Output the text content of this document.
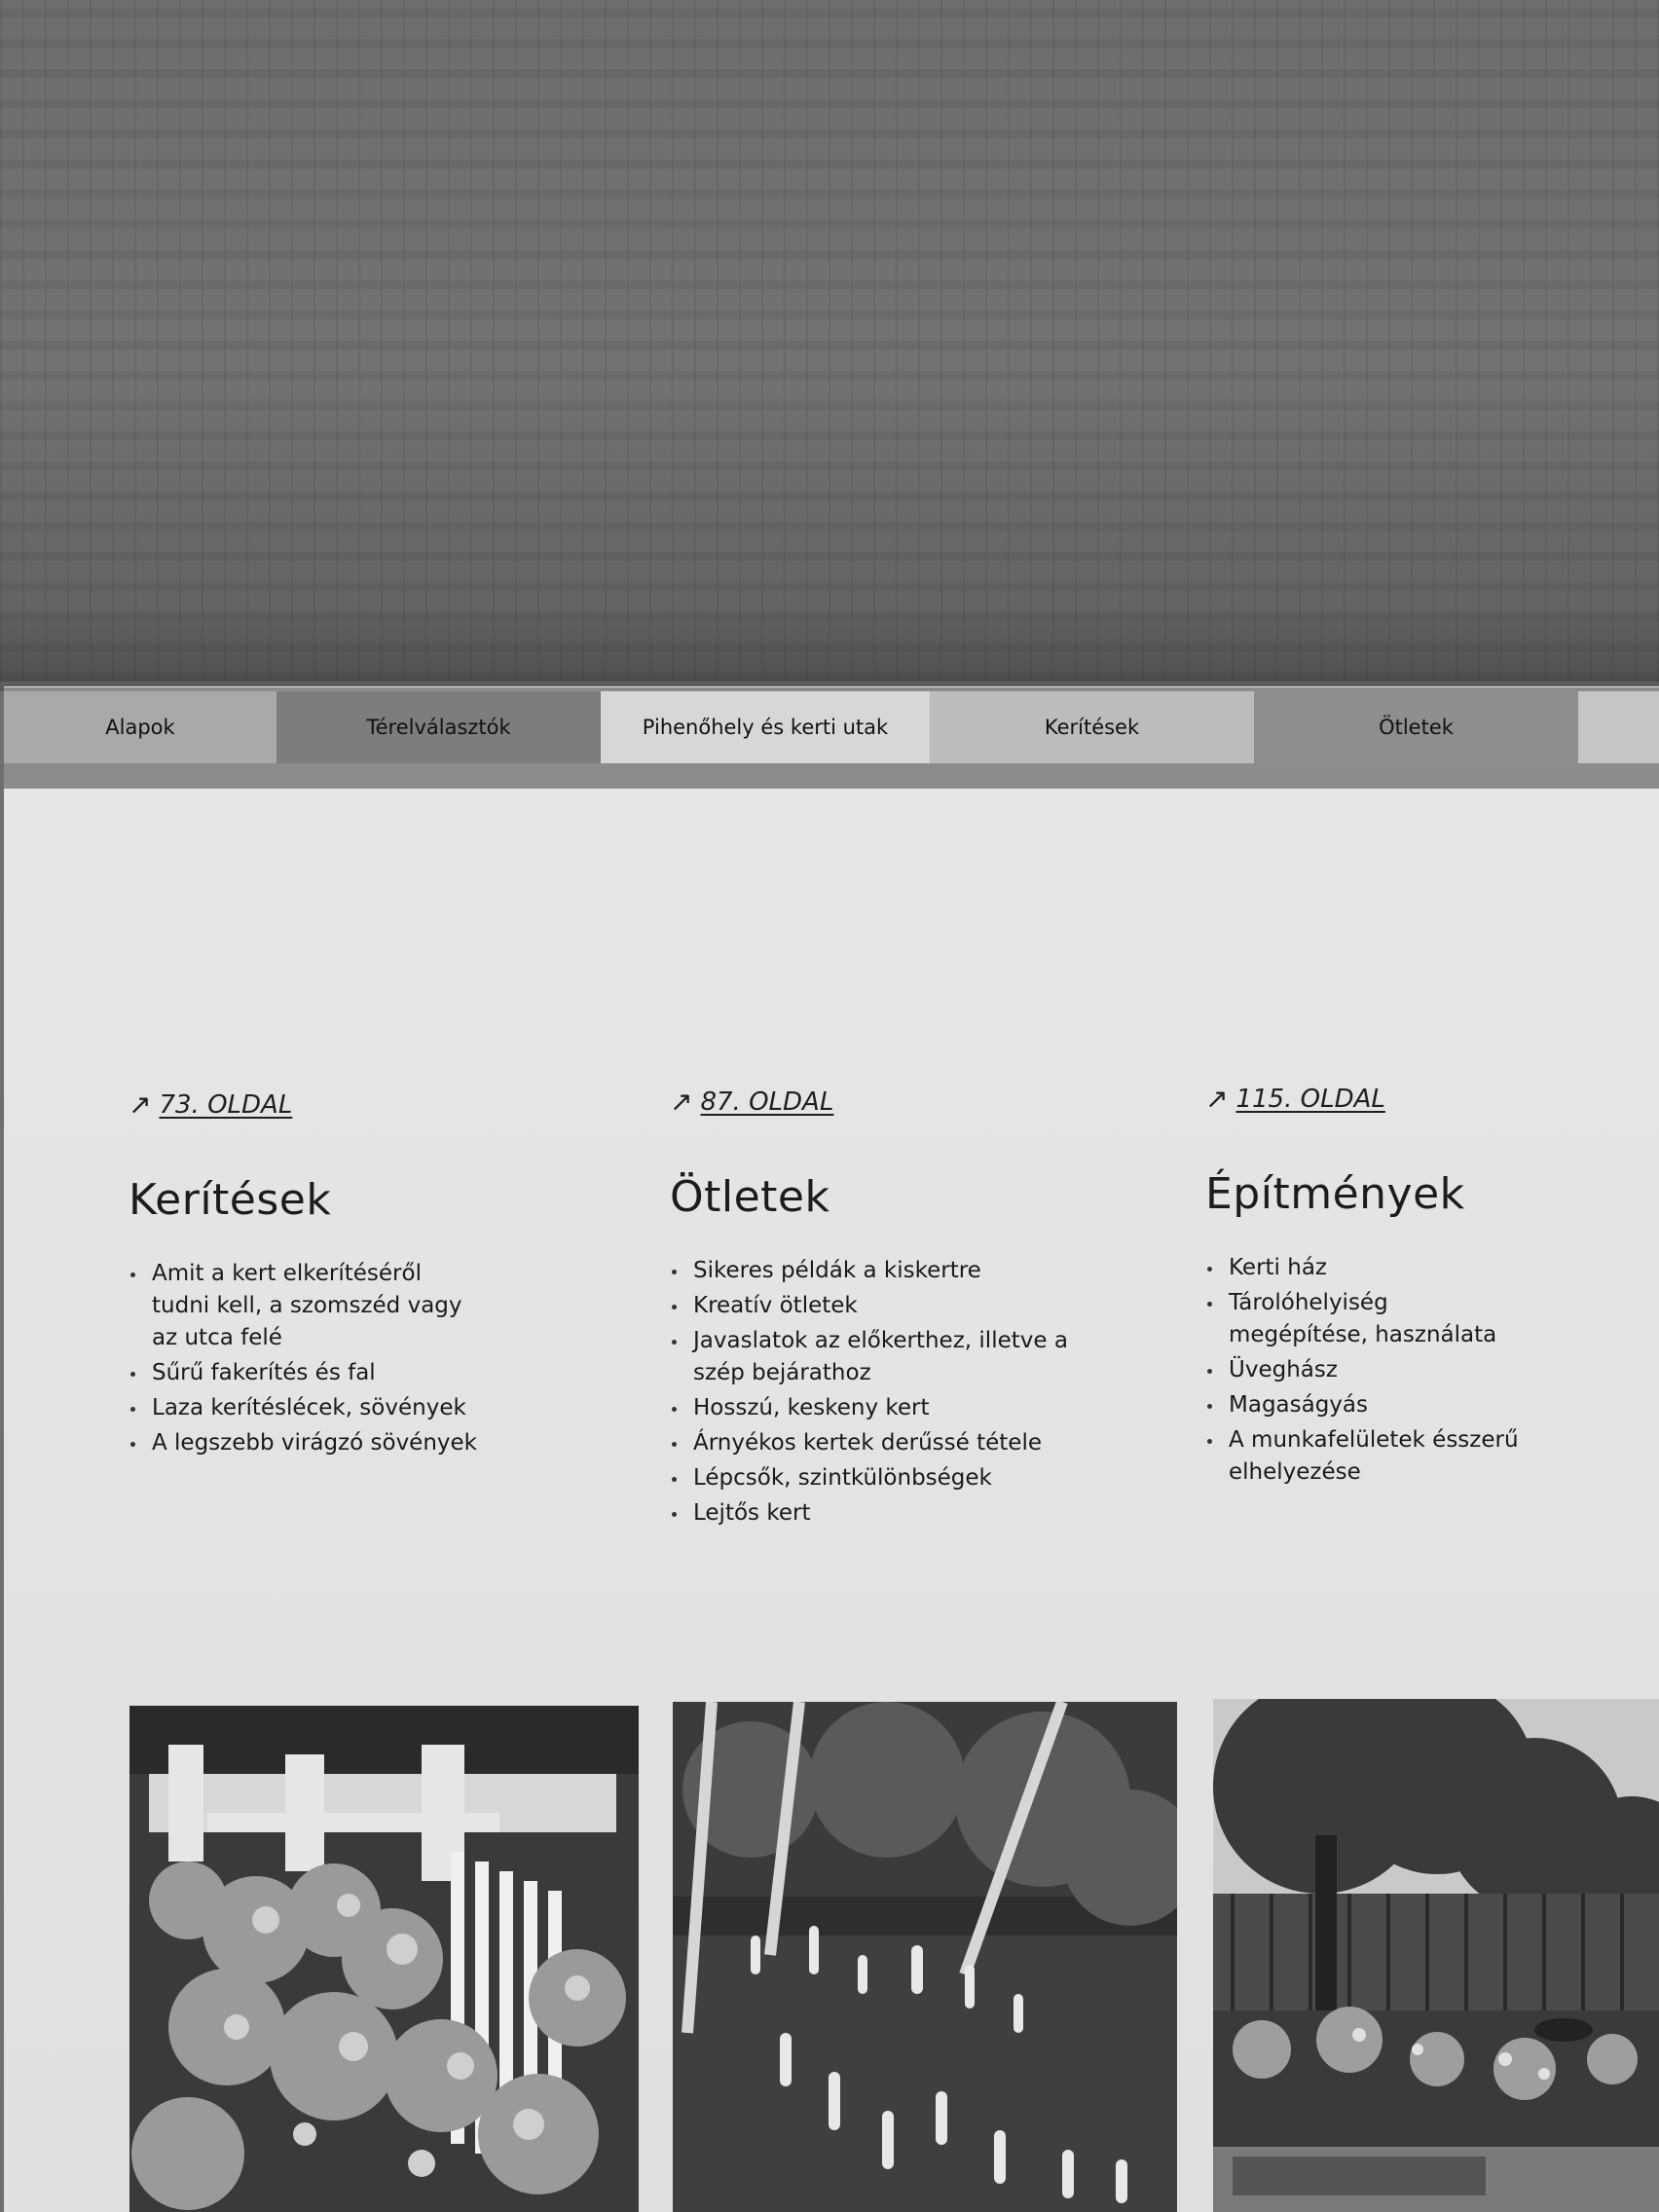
Alapok	Térelválasztók	Pihenőhely és kerti utak	Kerítések	Ötletek
↗ 73. OLDAL
Kerítések
Amit a kert elkerítéséről tudni kell, a szomszéd vagy az utca felé
Sűrű fakerítés és fal
Laza kerítéslécek, sövények
A legszebb virágzó sövények
↗ 87. OLDAL
Ötletek
Sikeres példák a kiskertre
Kreatív ötletek
Javaslatok az előkerthez, illetve a szép bejárathoz
Hosszú, keskeny kert
Árnyékos kertek derűssé tétele
Lépcsők, szintkülönbségek
Lejtős kert
↗ 115. OLDAL
Építmények
Kerti ház
Tárolóhelyiség megépítése, használata
Üveghász
Magaságyás
A munkafelületek ésszerű elhelyezése
